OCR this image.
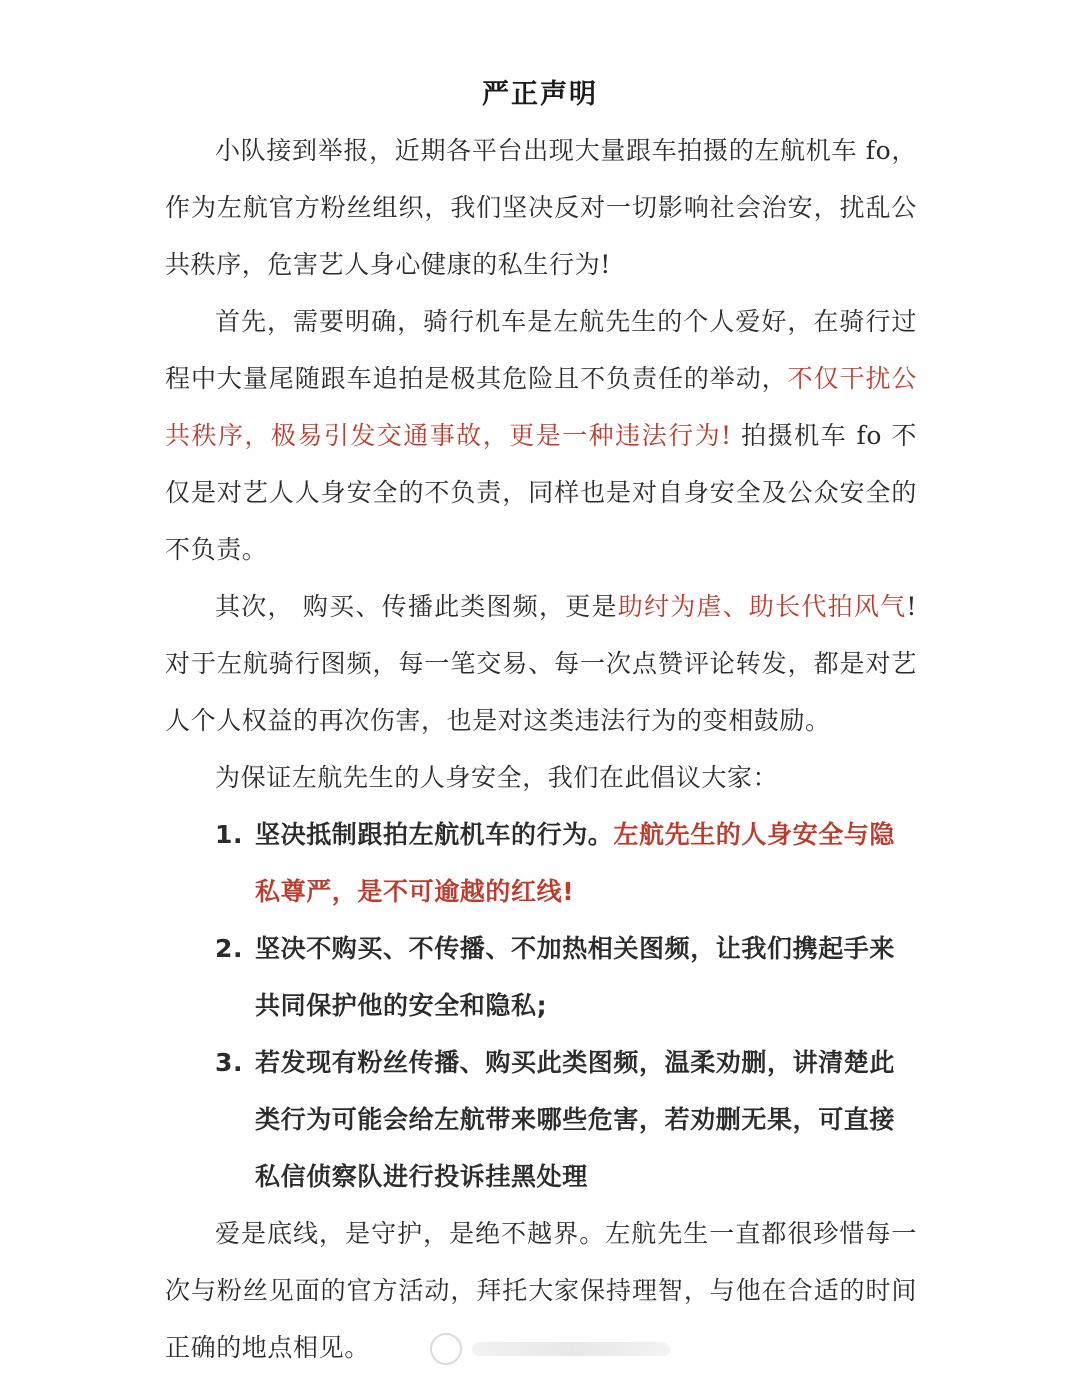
严正声明

小队接到举报，近期各平台出现大量跟车拍摄的左航机车 fo，作为左航官方粉丝组织，我们坚决反对一切影响社会治安，扰乱公共秩序，危害艺人身心健康的私生行为!

首先，需要明确，骑行机车是左航先生的个人爱好，在骑行过程中大量尾随跟车追拍是极其危险且不负责任的举动，不仅干扰公共秩序，极易引发交通事故，更是一种违法行为! 拍摄机车 fo 不仅是对艺人人身安全的不负责，同样也是对自身安全及公众安全的不负责。

其次， 购买、传播此类图频，更是助纣为虐、助长代拍风气! 对于左航骑行图频，每一笔交易、每一次点赞评论转发，都是对艺人个人权益的再次伤害，也是对这类违法行为的变相鼓励。

为保证左航先生的人身安全，我们在此倡议大家：

1. 坚决抵制跟拍左航机车的行为。左航先生的人身安全与隐私尊严，是不可逾越的红线!
2. 坚决不购买、不传播、不加热相关图频，让我们携起手来共同保护他的安全和隐私;
3. 若发现有粉丝传播、购买此类图频，温柔劝删，讲清楚此类行为可能会给左航带来哪些危害，若劝删无果，可直接私信侦察队进行投诉挂黑处理

爱是底线，是守护，是绝不越界。左航先生一直都很珍惜每一次与粉丝见面的官方活动，拜托大家保持理智，与他在合适的时间正确的地点相见。
